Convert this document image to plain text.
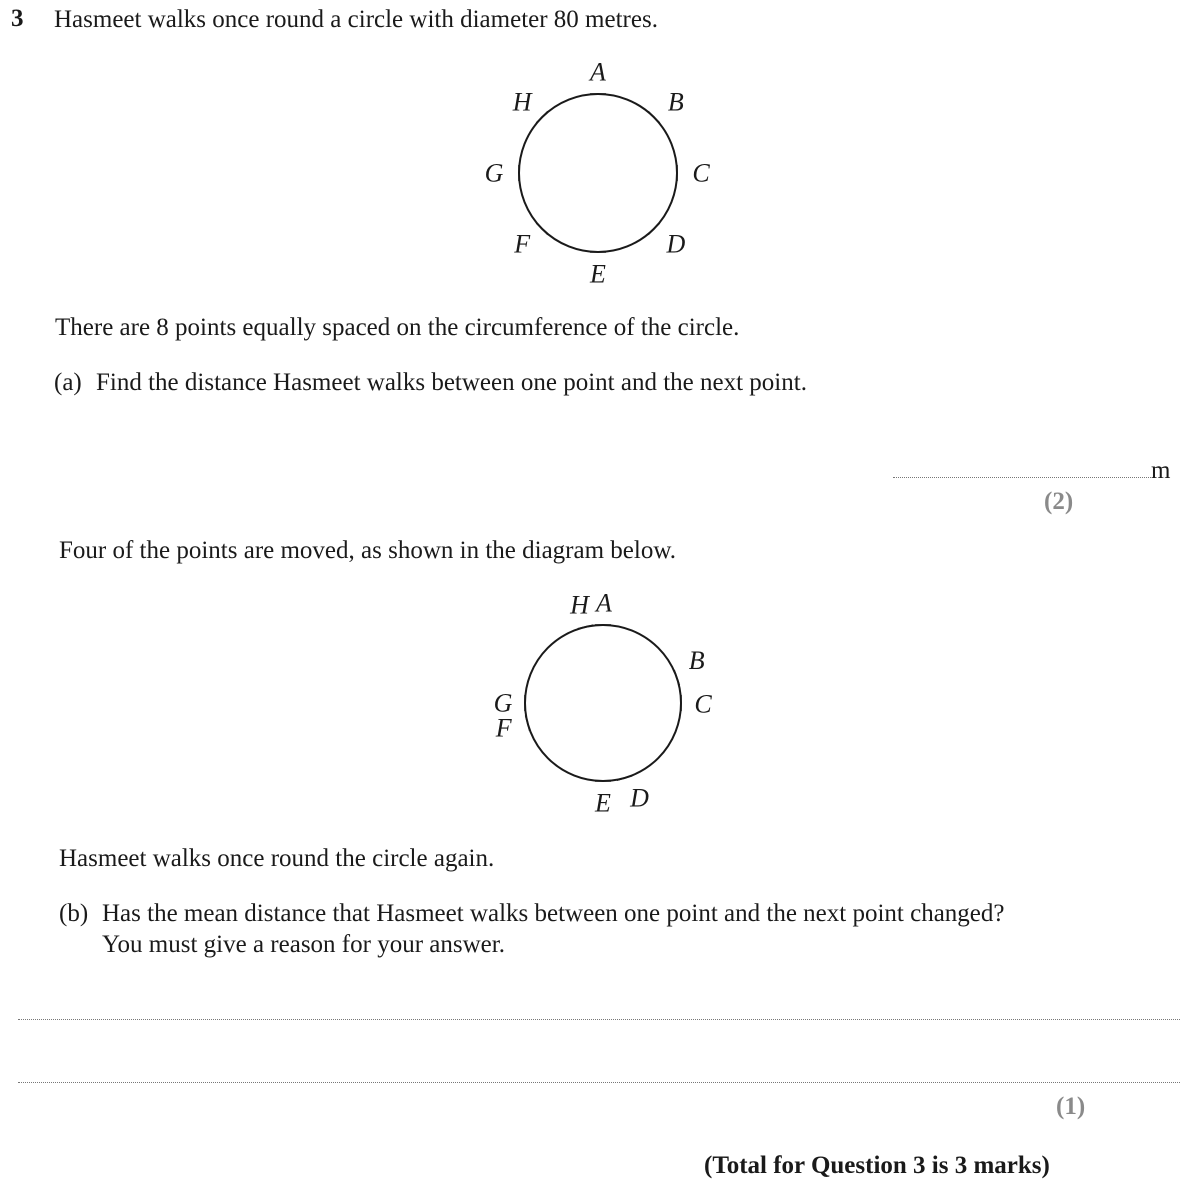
3 Hasmeet walks once round a circle with diameter 80 metres.
A
B
C
D
E
F
G
H
There are 8 points equally spaced on the circumference of the circle.
(a) Find the distance Hasmeet walks between one point and the next point.
m
(2)
Four of the points are moved, as shown in the diagram below.
H A
B
C
D
E
G
F
Hasmeet walks once round the circle again.
(b) Has the mean distance that Hasmeet walks between one point and the next point changed?
You must give a reason for your answer.
(1)
(Total for Question 3 is 3 marks)
